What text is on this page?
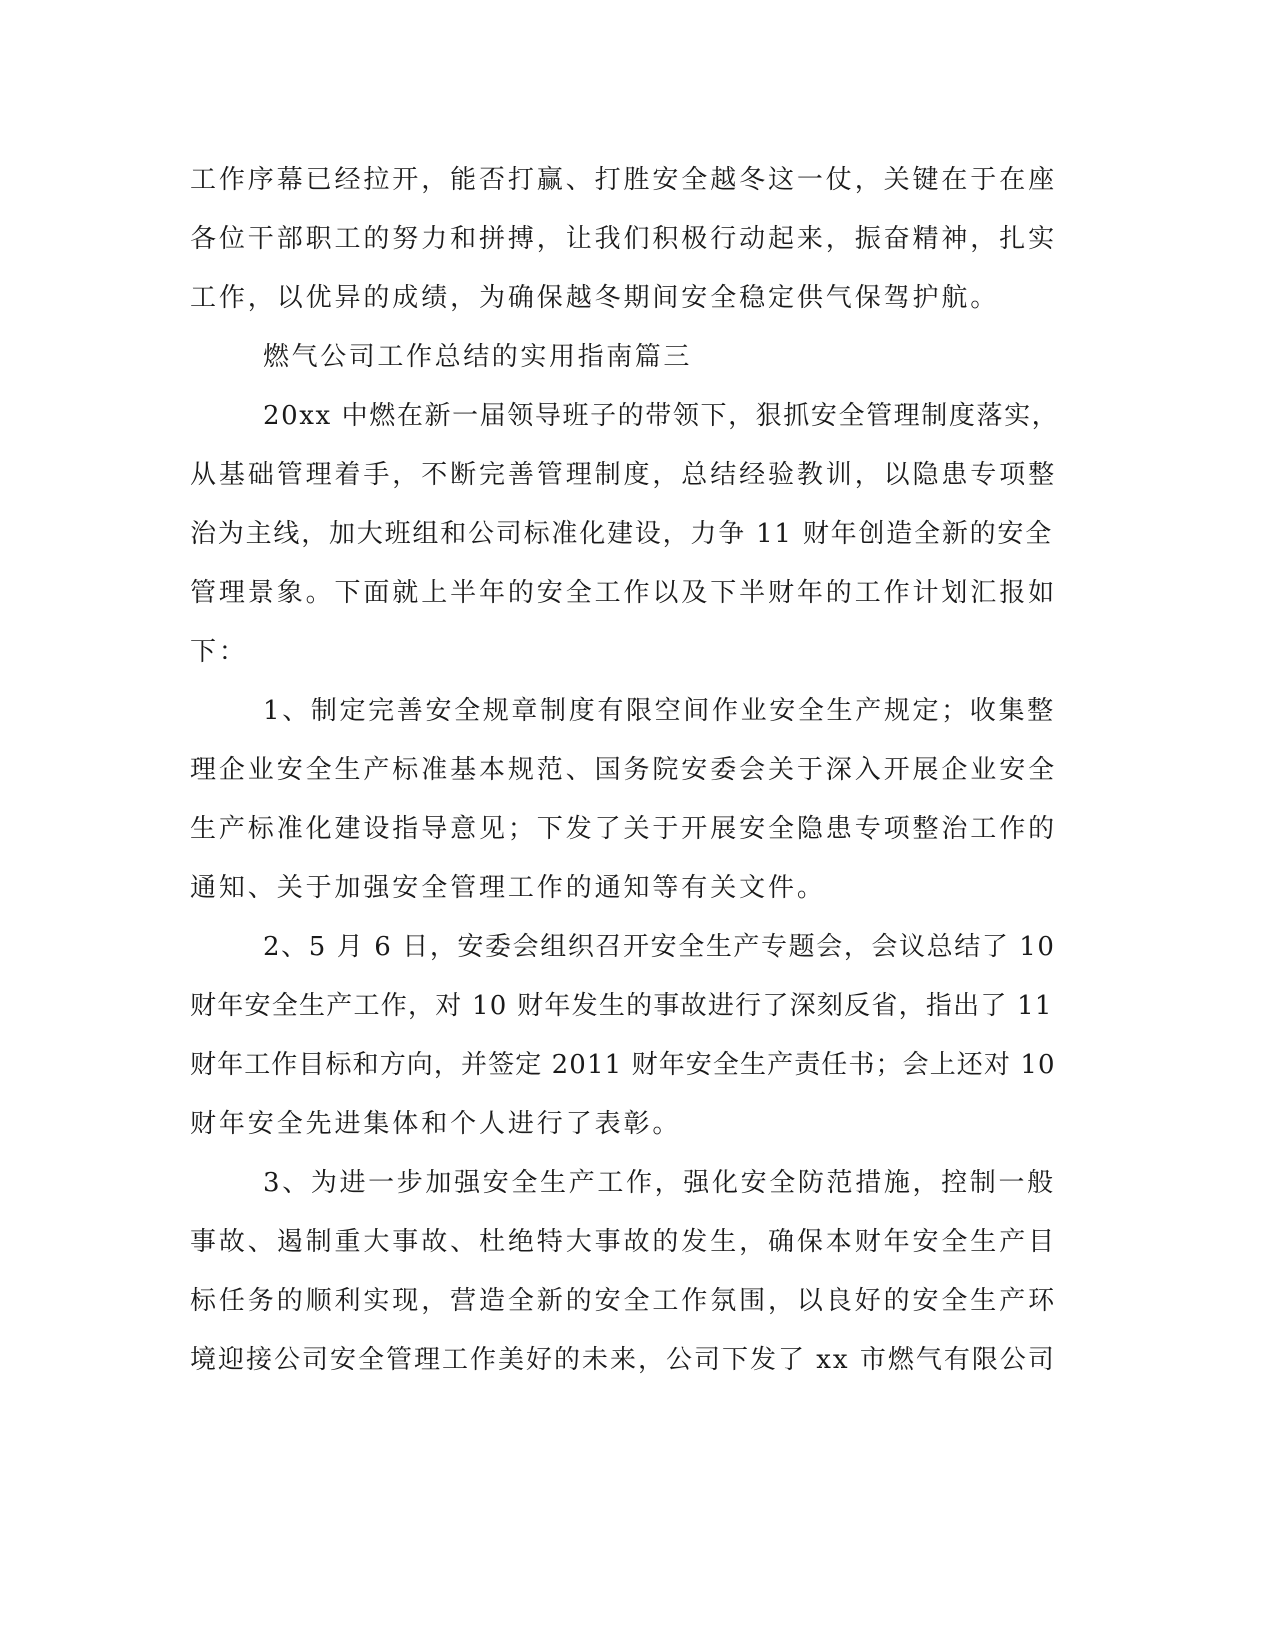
工作序幕已经拉开，能否打赢、打胜安全越冬这一仗，关键在于在座

各位干部职工的努力和拼搏，让我们积极行动起来，振奋精神，扎实

工作，以优异的成绩，为确保越冬期间安全稳定供气保驾护航。

燃气公司工作总结的实用指南篇三

20xx 中燃在新一届领导班子的带领下，狠抓安全管理制度落实，

从基础管理着手，不断完善管理制度，总结经验教训，以隐患专项整

治为主线，加大班组和公司标准化建设，力争 11 财年创造全新的安全

管理景象。下面就上半年的安全工作以及下半财年的工作计划汇报如

下：

1、制定完善安全规章制度有限空间作业安全生产规定；收集整

理企业安全生产标准基本规范、国务院安委会关于深入开展企业安全

生产标准化建设指导意见；下发了关于开展安全隐患专项整治工作的

通知、关于加强安全管理工作的通知等有关文件。

2、5 月 6 日，安委会组织召开安全生产专题会，会议总结了 10

财年安全生产工作，对 10 财年发生的事故进行了深刻反省，指出了 11

财年工作目标和方向，并签定 2011 财年安全生产责任书；会上还对 10

财年安全先进集体和个人进行了表彰。

3、为进一步加强安全生产工作，强化安全防范措施，控制一般

事故、遏制重大事故、杜绝特大事故的发生，确保本财年安全生产目

标任务的顺利实现，营造全新的安全工作氛围，以良好的安全生产环

境迎接公司安全管理工作美好的未来，公司下发了 xx 市燃气有限公司
